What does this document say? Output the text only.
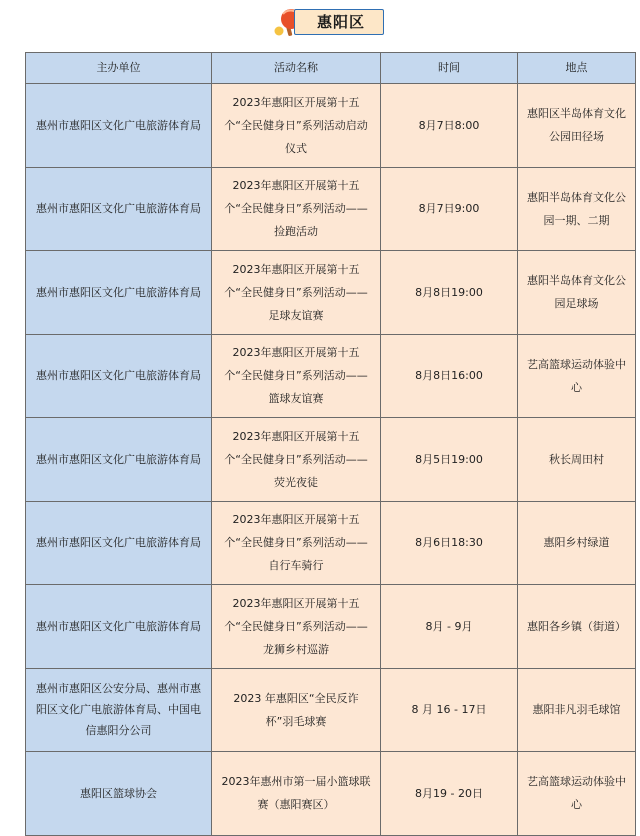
惠阳区
主办单位	活动名称	时间	地点
惠州市惠阳区文化广电旅游体育局	2023年惠阳区开展第十五个“全民健身日”系列活动启动仪式	8月7日8:00	惠阳区半岛体育文化公园田径场
惠州市惠阳区文化广电旅游体育局	2023年惠阳区开展第十五个“全民健身日”系列活动——捡跑活动	8月7日9:00	惠阳半岛体育文化公园一期、二期
惠州市惠阳区文化广电旅游体育局	2023年惠阳区开展第十五个“全民健身日”系列活动——足球友谊赛	8月8日19:00	惠阳半岛体育文化公园足球场
惠州市惠阳区文化广电旅游体育局	2023年惠阳区开展第十五个“全民健身日”系列活动——篮球友谊赛	8月8日16:00	艺高篮球运动体验中心
惠州市惠阳区文化广电旅游体育局	2023年惠阳区开展第十五个“全民健身日”系列活动——荧光夜徒	8月5日19:00	秋长周田村
惠州市惠阳区文化广电旅游体育局	2023年惠阳区开展第十五个“全民健身日”系列活动——自行车骑行	8月6日18:30	惠阳乡村绿道
惠州市惠阳区文化广电旅游体育局	2023年惠阳区开展第十五个“全民健身日”系列活动——龙狮乡村巡游	8月 - 9月	惠阳各乡镇（街道）
惠州市惠阳区公安分局、惠州市惠阳区文化广电旅游体育局、中国电信惠阳分公司	2023 年惠阳区“全民反诈杯”羽毛球赛	8 月 16 - 17日	惠阳非凡羽毛球馆
惠阳区篮球协会	2023年惠州市第一届小篮球联赛（惠阳赛区）	8月19 - 20日	艺高篮球运动体验中心
